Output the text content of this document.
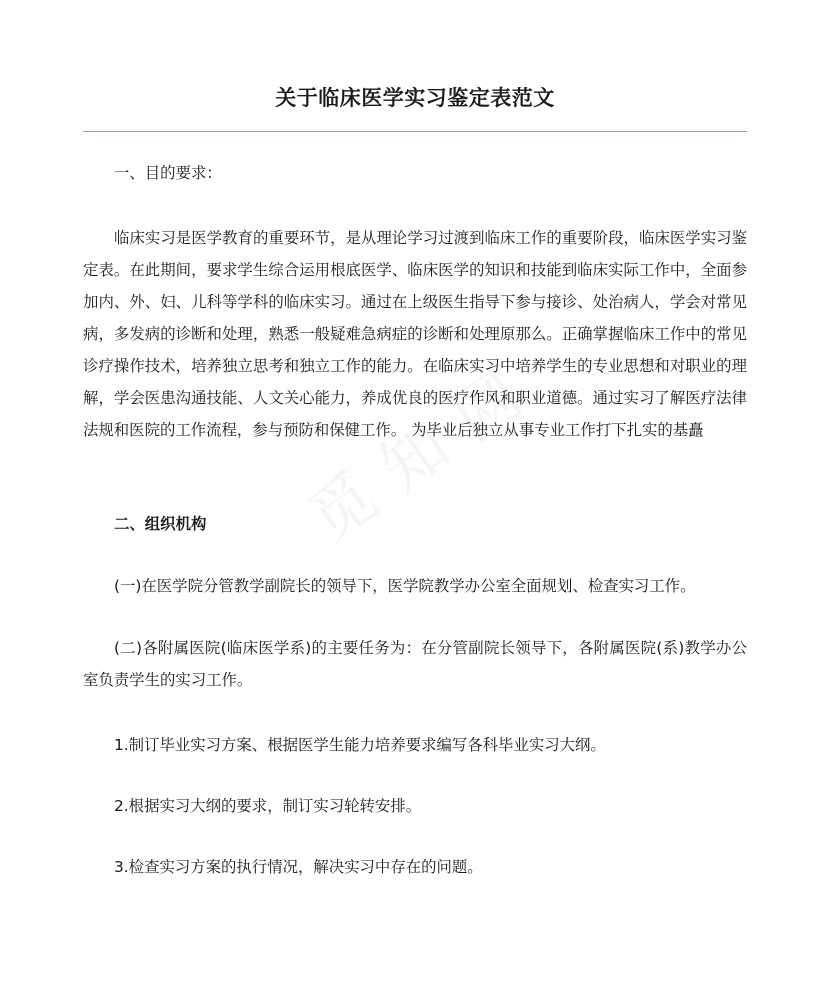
关于临床医学实习鉴定表范文

一、目的要求：

临床实习是医学教育的重要环节，是从理论学习过渡到临床工作的重要阶段，临床医学实习鉴定表。在此期间，要求学生综合运用根底医学、临床医学的知识和技能到临床实际工作中，全面参加内、外、妇、儿科等学科的临床实习。通过在上级医生指导下参与接诊、处治病人，学会对常见病，多发病的诊断和处理，熟悉一般疑难急病症的诊断和处理原那么。正确掌握临床工作中的常见诊疗操作技术，培养独立思考和独立工作的能力。在临床实习中培养学生的专业思想和对职业的理解，学会医患沟通技能、人文关心能力，养成优良的医疗作风和职业道德。通过实习了解医疗法律法规和医院的工作流程，参与预防和保健工作。 为毕业后独立从事专业工作打下扎实的基矗

二、组织机构

(一)在医学院分管教学副院长的领导下，医学院教学办公室全面规划、检查实习工作。

(二)各附属医院(临床医学系)的主要任务为：在分管副院长领导下，各附属医院(系)教学办公室负责学生的实习工作。

1.制订毕业实习方案、根据医学生能力培养要求编写各科毕业实习大纲。

2.根据实习大纲的要求，制订实习轮转安排。

3.检查实习方案的执行情况，解决实习中存在的问题。
